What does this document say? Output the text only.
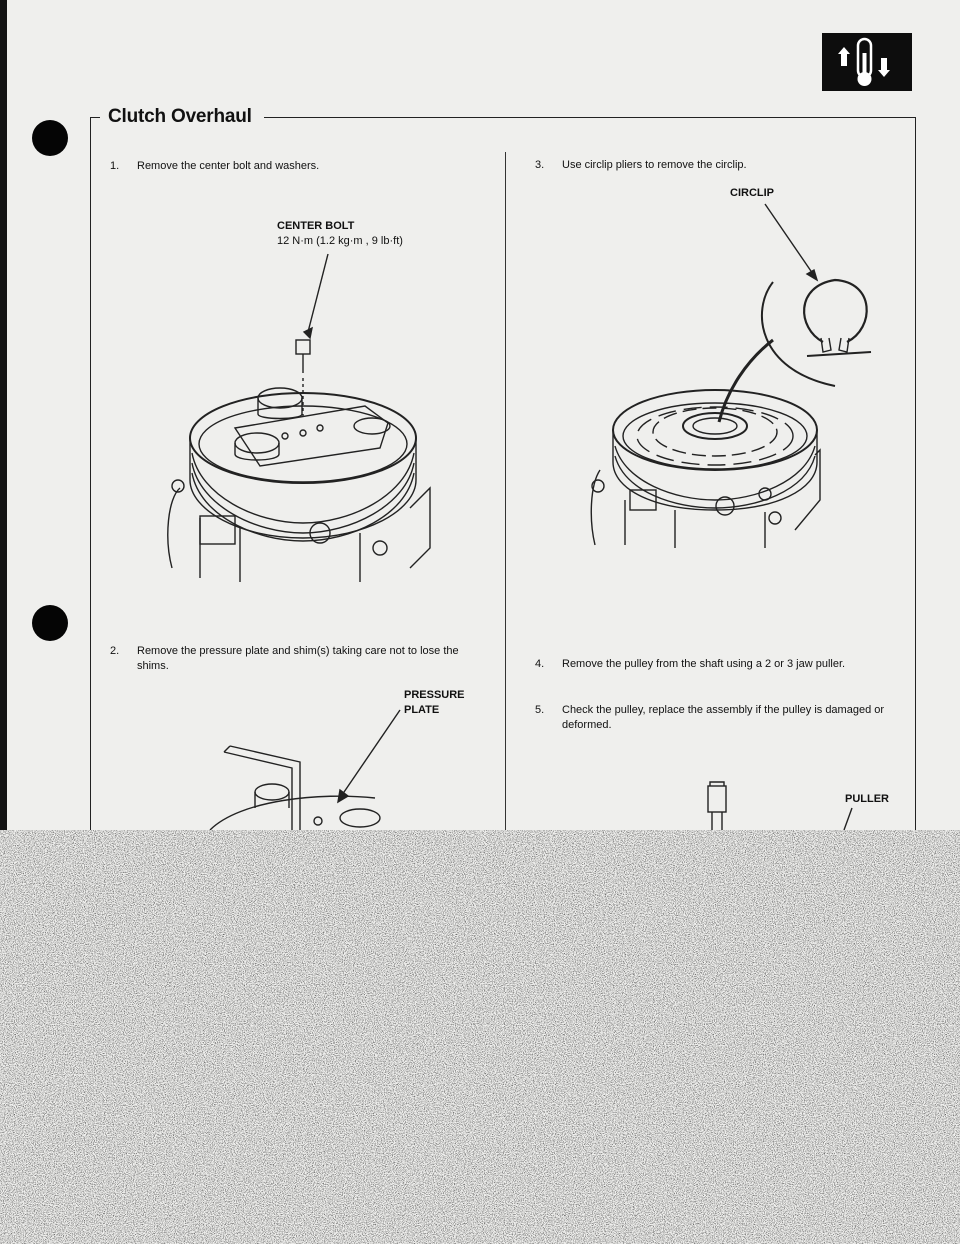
Clutch Overhaul
1. Remove the center bolt and washers.
CENTER BOLT
12 N·m (1.2 kg·m , 9 lb·ft)
2. Remove the pressure plate and shim(s) taking care not to lose the shims.
PRESSURE
PLATE
3. Use circlip pliers to remove the circlip.
CIRCLIP
4. Remove the pulley from the shaft using a 2 or 3 jaw puller.
5. Check the pulley, replace the assembly if the pulley is damaged or deformed.
PULLER
